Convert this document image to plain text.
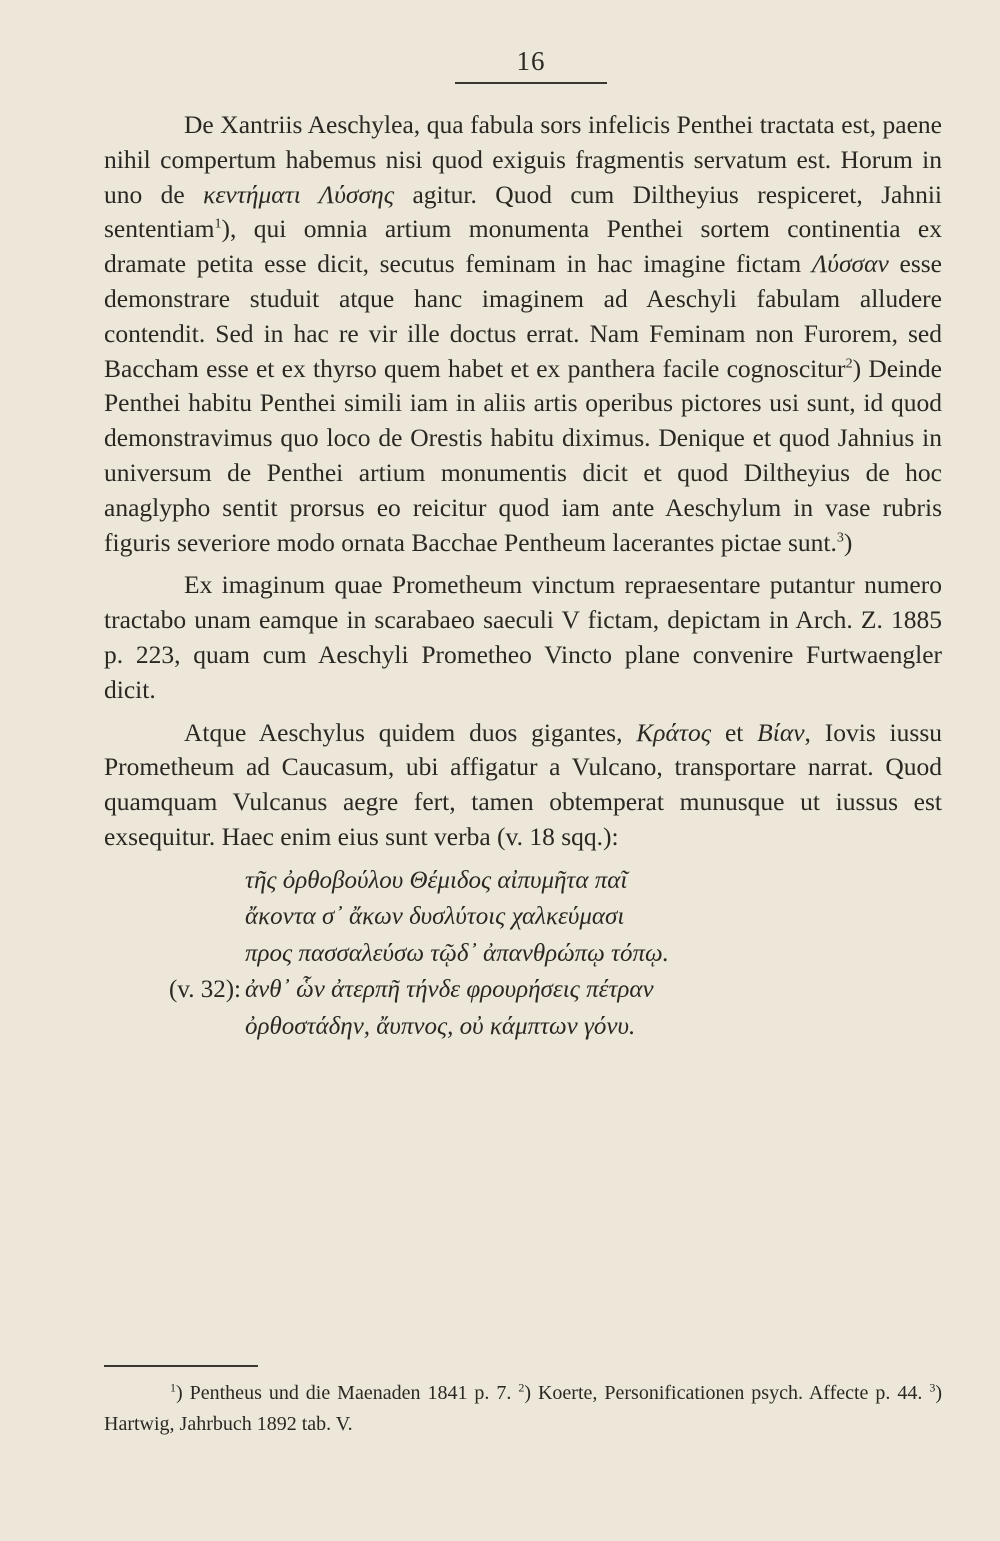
16

De Xantriis Aeschylea, qua fabula sors infelicis Penthei tractata est, paene nihil compertum habemus nisi quod exiguis fragmentis servatum est. Horum in uno de κεντήματι Λύσσης agitur. Quod cum Diltheyius respiceret, Jahnii sententiam$^1$), qui omnia artium monumenta Penthei sortem continentia ex dramate petita esse dicit, secutus feminam in hac imagine fictam Λύσσαν esse demonstrare studuit atque hanc imaginem ad Aeschyli fabulam alludere contendit. Sed in hac re vir ille doctus errat. Nam Feminam non Furorem, sed Baccham esse et ex thyrso quem habet et ex panthera facile cognoscitur$^2$) Deinde Penthei habitu Penthei simili iam in aliis artis operibus pictores usi sunt, id quod demonstravimus quo loco de Orestis habitu diximus. Denique et quod Jahnius in universum de Penthei artium monumentis dicit et quod Diltheyius de hoc anaglypho sentit prorsus eo reicitur quod iam ante Aeschylum in vase rubris figuris severiore modo ornata Bacchae Pentheum lacerantes pictae sunt.$^3$)

Ex imaginum quae Prometheum vinctum repraesentare putantur numero tractabo unam eamque in scarabaeo saeculi V fictam, depictam in Arch. Z. 1885 p. 223, quam cum Aeschyli Prometheo Vincto plane convenire Furtwaengler dicit.

Atque Aeschylus quidem duos gigantes, Κράτος et Βίαν, Iovis iussu Prometheum ad Caucasum, ubi affigatur a Vulcano, transportare narrat. Quod quamquam Vulcanus aegre fert, tamen obtemperat munusque ut iussus est exsequitur. Haec enim eius sunt verba (v. 18 sqq.):

τῆς ὀρθοβούλου Θέμιδος αἰπυμῆτα παῖ
ἄκοντα σ᾽ ἄκων δυσλύτοις χαλκεύμασι
προς πασσαλεύσω τῷδ᾽ ἀπανθρώπῳ τόπῳ.
(v. 32): ἀνθ᾽ ὧν ἀτερπῆ τήνδε φρουρήσεις πέτραν
ὀρθοστάδην, ἄυπνος, οὐ κάμπτων γόνυ.
$^1$) Pentheus und die Maenaden 1841 p. 7. $^2$) Koerte, Personificationen psych. Affecte p. 44. $^3$) Hartwig, Jahrbuch 1892 tab. V.
